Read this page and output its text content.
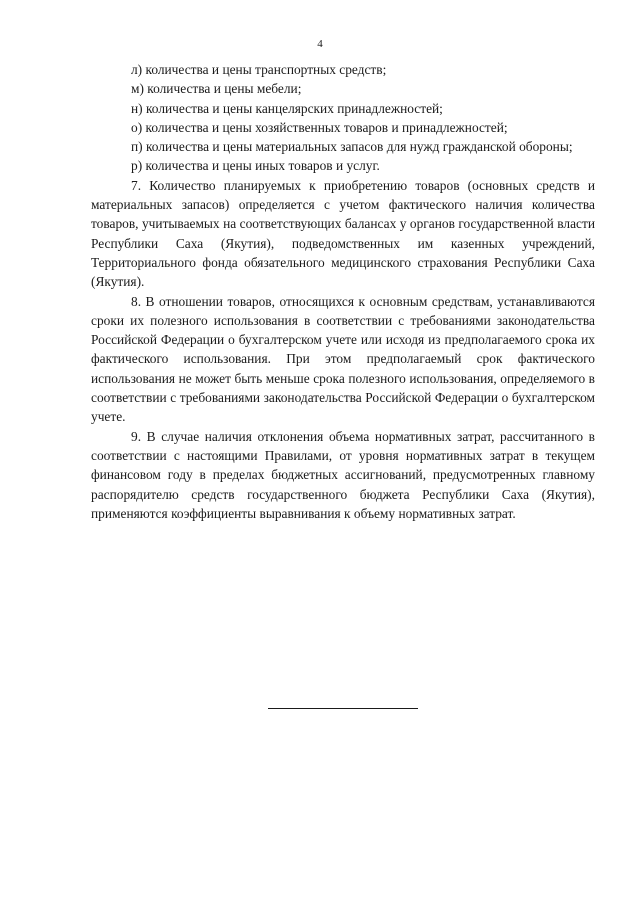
4

л) количества и цены транспортных средств;

м) количества и цены мебели;

н) количества и цены канцелярских принадлежностей;

о) количества и цены хозяйственных товаров и принадлежностей;

п) количества и цены материальных запасов для нужд гражданской обороны;

р) количества и цены иных товаров и услуг.

7. Количество планируемых к приобретению товаров (основных средств и материальных запасов) определяется с учетом фактического наличия количества товаров, учитываемых на соответствующих балансах у органов государственной власти Республики Саха (Якутия), подведомственных им казенных учреждений, Территориального фонда обязательного медицинского страхования Республики Саха (Якутия).

8. В отношении товаров, относящихся к основным средствам, устанавливаются сроки их полезного использования в соответствии с требованиями законодательства Российской Федерации о бухгалтерском учете или исходя из предполагаемого срока их фактического использования. При этом предполагаемый срок фактического использования не может быть меньше срока полезного использования, определяемого в соответствии с требованиями законодательства Российской Федерации о бухгалтерском учете.

9. В случае наличия отклонения объема нормативных затрат, рассчитанного в соответствии с настоящими Правилами, от уровня нормативных затрат в текущем финансовом году в пределах бюджетных ассигнований, предусмотренных главному распорядителю средств государственного бюджета Республики Саха (Якутия), применяются коэффициенты выравнивания к объему нормативных затрат.
